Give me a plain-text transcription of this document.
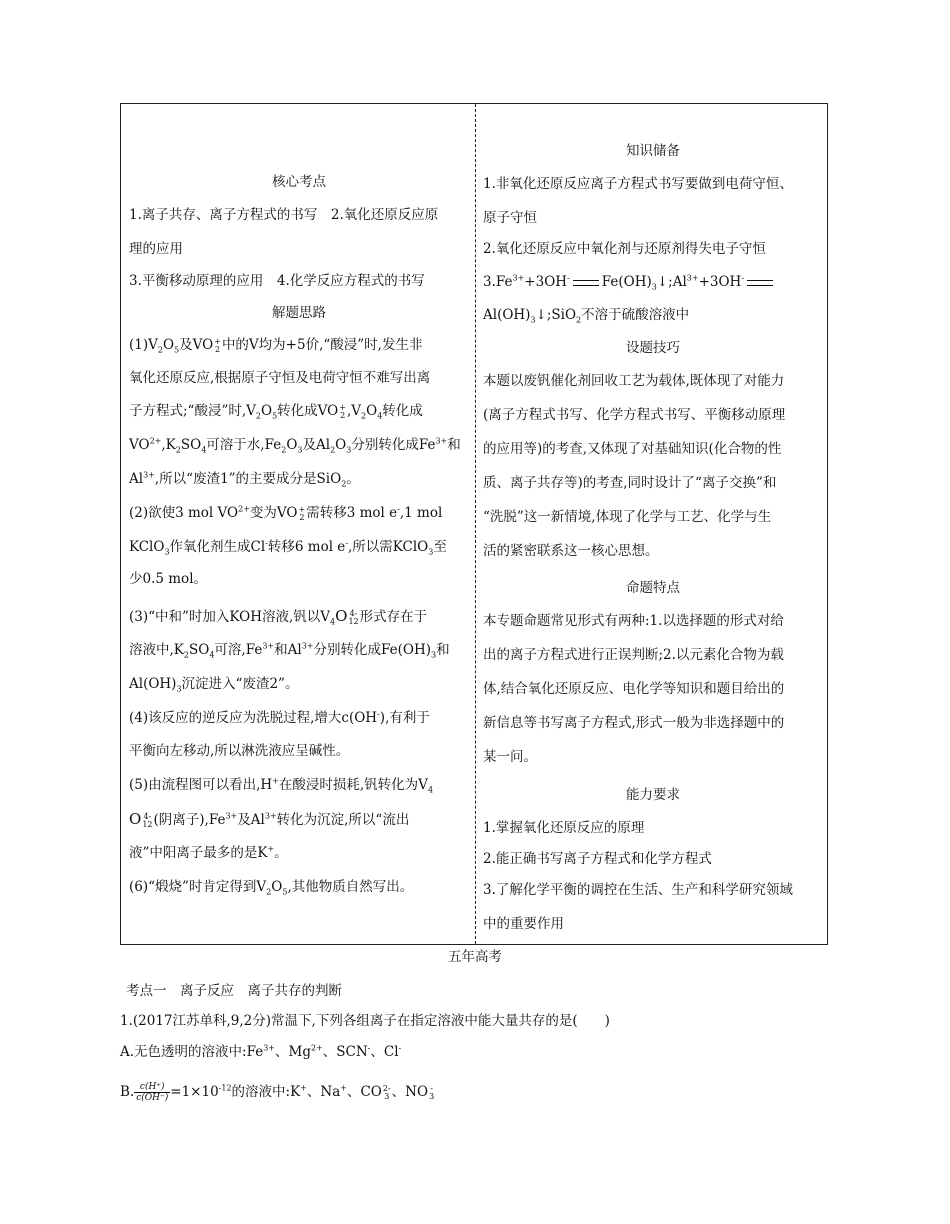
核心考点
1.离子共存、离子方程式的书写　2.氧化还原反应原
理的应用
3.平衡移动原理的应用　4.化学反应方程式的书写
解题思路
$(1)V_2O_5$及VO +
2 中的V均为+5价,“酸浸”时,发生非
氧化还原反应,根据原子守恒及电荷守恒不难写出离
子方程式;“酸浸”时$,V_2O_5$转化成VO +
2 $,V_2O_4$转化成
$VO^{2+},K_2SO_4$可溶于水$,Fe_2O_3$及$Al_2O_3$分别转化成$Fe^{3+}$和
$Al^{3+}$,所以“废渣1”的主要成分是SiO$_2$。
(2)欲使3 mol $VO^{2+}$变为VO +
2 需转移3 mol e-,1 mol
KClO$_3$作氧化剂生成Cl-转移6 mol e-,所以需KClO$_3$至
少0.5 mol。
(3)“中和”时加入KOH溶液,钒以$V_4O$ 4-
12 形式存在于
溶液中$,K_2SO_4$可溶$,Fe^{3+}$和$Al^{3+}$分别转化成$Fe(OH)_3$和
$Al(OH)_3$沉淀进入“废渣2”。
(4)该反应的逆反应为洗脱过程,增大c(OH-),有利于
平衡向左移动,所以淋洗液应呈碱性。
(5)由流程图可以看出,H+在酸浸时损耗,钒转化为$V_4$
O 4-
12 (阴离子)$,Fe^{3+}$及$Al^{3+}$转化为沉淀,所以“流出
液”中阳离子最多的是K+。
(6)“煅烧”时肯定得到$V_2O_5$,其他物质自然写出。
知识储备
1.非氧化还原反应离子方程式书写要做到电荷守恒、
原子守恒
2.氧化还原反应中氧化剂与还原剂得失电子守恒
$3.Fe^{3+}+3OH^-$ $Fe(OH)_3↓;Al^{3+}+3OH^-$
$Al(OH)_3↓;SiO_2$不溶于硫酸溶液中
设题技巧
本题以废钒催化剂回收工艺为载体,既体现了对能力
(离子方程式书写、化学方程式书写、平衡移动原理
的应用等)的考查,又体现了对基础知识(化合物的性
质、离子共存等)的考查,同时设计了“离子交换”和
“洗脱”这一新情境,体现了化学与工艺、化学与生
活的紧密联系这一核心思想。
命题特点
本专题命题常见形式有两种:1.以选择题的形式对给
出的离子方程式进行正误判断;2.以元素化合物为载
体,结合氧化还原反应、电化学等知识和题目给出的
新信息等书写离子方程式,形式一般为非选择题中的
某一问。
能力要求
1.掌握氧化还原反应的原理
2.能正确书写离子方程式和化学方程式
3.了解化学平衡的调控在生活、生产和科学研究领域
中的重要作用
五年高考
考点一　离子反应　离子共存的判断
1.(2017江苏单科,9,2分)常温下,下列各组离子在指定溶液中能大量共存的是(　　)
A.无色透明的溶液中$:Fe^{3+}$、$Mg^{2+}$、SCN-、Cl-
B. $\frac{c(H^+)}{c(OH^-)} =1\times 10^{-12}$的溶液中:K+、Na+、CO 2-
3 、NO -
3
